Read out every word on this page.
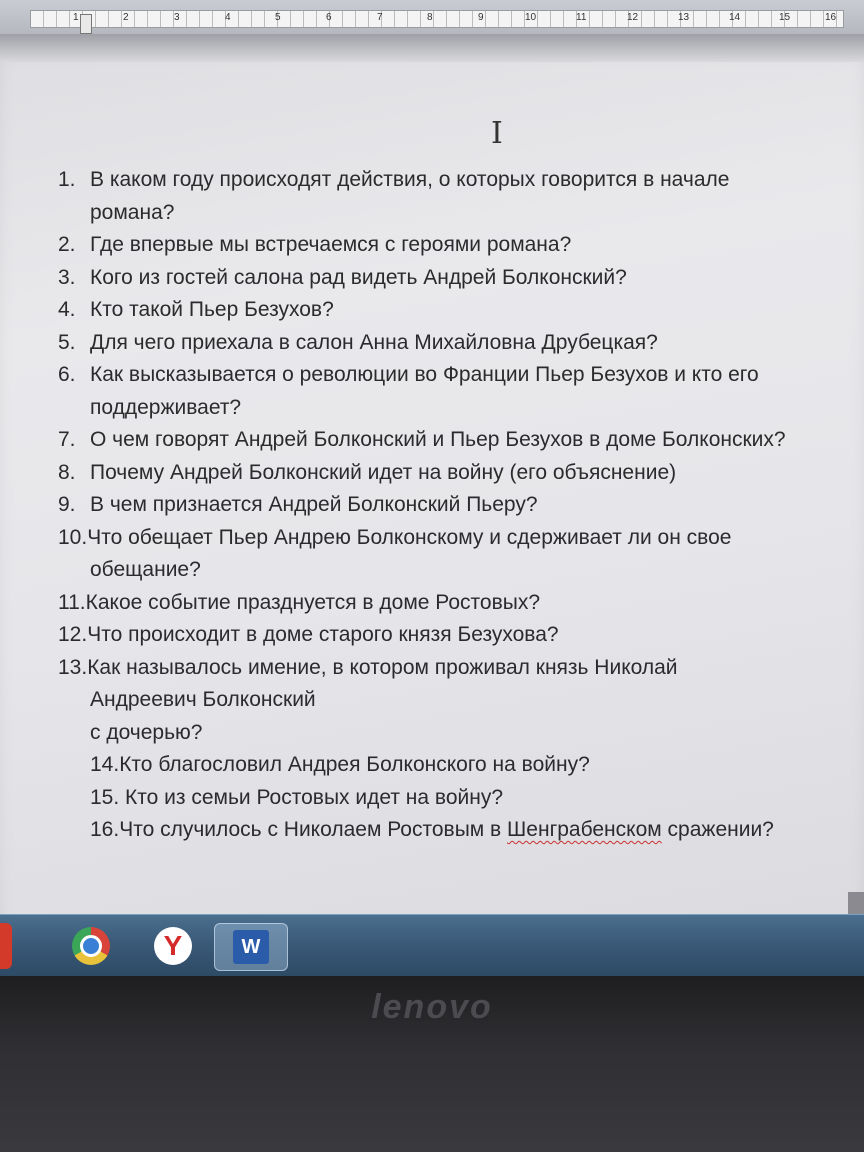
1	2	3	4	5	6	7	8	9	10	11	12	13	14	15	16
I
1. В каком году происходят действия, о которых говорится в начале
романа?
2. Где впервые мы встречаемся с героями романа?
3. Кого из гостей салона рад видеть Андрей Болконский?
4. Кто такой Пьер Безухов?
5. Для чего приехала в салон Анна Михайловна Друбецкая?
6. Как высказывается о революции во Франции Пьер Безухов и кто его
поддерживает?
7. О чем говорят Андрей Болконский и Пьер Безухов в доме Болконских?
8. Почему Андрей Болконский идет на войну (его объяснение)
9. В чем признается Андрей Болконский Пьеру?
10.Что обещает Пьер Андрею Болконскому и сдерживает ли он свое
обещание?
11.Какое событие празднуется в доме Ростовых?
12.Что происходит в доме старого князя Безухова?
13.Как называлось имение, в котором проживал князь Николай
Андреевич Болконский
с дочерью?
14.Кто благословил Андрея Болконского на войну?
15. Кто из семьи Ростовых идет на войну?
16.Что случилось с Николаем Ростовым в Шенграбенском сражении?
Y	W
lenovo
